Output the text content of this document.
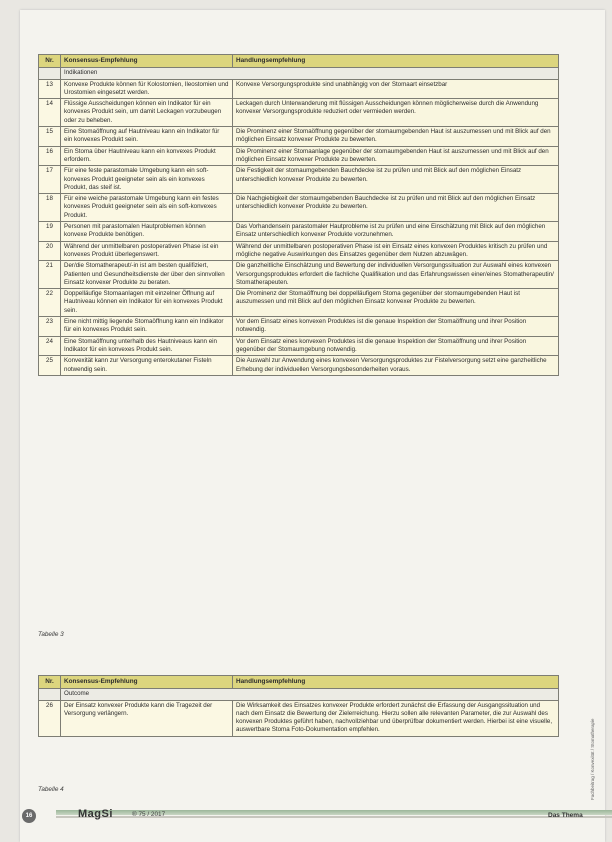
Nr.	Konsensus-Empfehlung	Handlungsempfehlung
	Indikationen	
13	Konvexe Produkte können für Kolostomien, Ileostomien und Urostomien eingesetzt werden.	Konvexe Versorgungsprodukte sind unabhängig von der Stomaart einsetzbar
14	Flüssige Ausscheidungen können ein Indikator für ein konvexes Produkt sein, um damit Leckagen vorzubeugen oder zu beheben.	Leckagen durch Unterwanderung mit flüssigen Ausscheidungen können möglicherweise durch die Anwendung konvexer Versorgungsprodukte reduziert oder vermieden werden.
15	Eine Stomaöffnung auf Hautniveau kann ein Indikator für ein konvexes Produkt sein.	Die Prominenz einer Stomaöffnung gegenüber der stomaumgebenden Haut ist auszumessen und mit Blick auf den möglichen Einsatz konvexer Produkte zu bewerten.
16	Ein Stoma über Hautniveau kann ein konvexes Produkt erfordern.	Die Prominenz einer Stomaanlage gegenüber der stomaumgebenden Haut ist auszumessen und mit Blick auf den möglichen Einsatz konvexer Produkte zu bewerten.
17	Für eine feste parastomale Umgebung kann ein soft-konvexes Produkt geeigneter sein als ein konvexes Produkt, das steif ist.	Die Festigkeit der stomaumgebenden Bauchdecke ist zu prüfen und mit Blick auf den möglichen Einsatz unterschiedlich konvexer Produkte zu bewerten.
18	Für eine weiche parastomale Umgebung kann ein festes konvexes Produkt geeigneter sein als ein soft-konvexes Produkt.	Die Nachgiebigkeit der stomaumgebenden Bauchdecke ist zu prüfen und mit Blick auf den möglichen Einsatz unterschiedlich konvexer Produkte zu bewerten.
19	Personen mit parastomalen Hautproblemen können konvexe Produkte benötigen.	Das Vorhandensein parastomaler Hautprobleme ist zu prüfen und eine Einschätzung mit Blick auf den möglichen Einsatz unterschiedlich konvexer Produkte vorzunehmen.
20	Während der unmittelbaren postoperativen Phase ist ein konvexes Produkt überlegenswert.	Während der unmittelbaren postoperativen Phase ist ein Einsatz eines konvexen Produktes kritisch zu prüfen und mögliche negative Auswirkungen des Einsatzes gegenüber dem Nutzen abzuwägen.
21	Der/die Stomatherapeut/-in ist am besten qualifiziert, Patienten und Gesundheitsdienste der über den sinnvollen Einsatz konvexer Produkte zu beraten.	Die ganzheitliche Einschätzung und Bewertung der individuellen Versorgungssituation zur Auswahl eines konvexen Versorgungsproduktes erfordert die fachliche Qualifikation und das Erfahrungswissen einer/eines Stomatherapeutin/ Stomatherapeuten.
22	Doppelläufige Stomaanlagen mit einzelner Öffnung auf Hautniveau können ein Indikator für ein konvexes Produkt sein.	Die Prominenz der Stomaöffnung bei doppelläufigem Stoma gegenüber der stomaumgebenden Haut ist auszumessen und mit Blick auf den möglichen Einsatz konvexer Produkte zu bewerten.
23	Eine nicht mittig liegende Stomaöffnung kann ein Indikator für ein konvexes Produkt sein.	Vor dem Einsatz eines konvexen Produktes ist die genaue Inspektion der Stomaöffnung und ihrer Position notwendig.
24	Eine Stomaöffnung unterhalb des Hautniveaus kann ein Indikator für ein konvexes Produkt sein.	Vor dem Einsatz eines konvexen Produktes ist die genaue Inspektion der Stomaöffnung und ihrer Position gegenüber der Stomaumgebung notwendig.
25	Konvexität kann zur Versorgung enterokutaner Fisteln notwendig sein.	Die Auswahl zur Anwendung eines konvexen Versorgungsproduktes zur Fistelversorgung setzt eine ganzheitliche Erhebung der individuellen Versorgungsbesonderheiten voraus.
Tabelle 3
Nr.	Konsensus-Empfehlung	Handlungsempfehlung
	Outcome	
26	Der Einsatz konvexer Produkte kann die Tragezeit der Versorgung verlängern.	Die Wirksamkeit des Einsatzes konvexer Produkte erfordert zunächst die Erfassung der Ausgangssituation und nach dem Einsatz die Bewertung der Zielerreichung. Hierzu sollen alle relevanten Parameter, die zur Auswahl des konvexen Produktes geführt haben, nachvollziehbar und überprüfbar dokumentiert werden. Hierbei ist eine visuelle, auswertbare Stoma Foto-Dokumentation empfehlen.
Tabelle 4	Fachbeitrag / Konvexität / Stomatherapie
16	MagSi	® 75 / 2017	Das Thema
